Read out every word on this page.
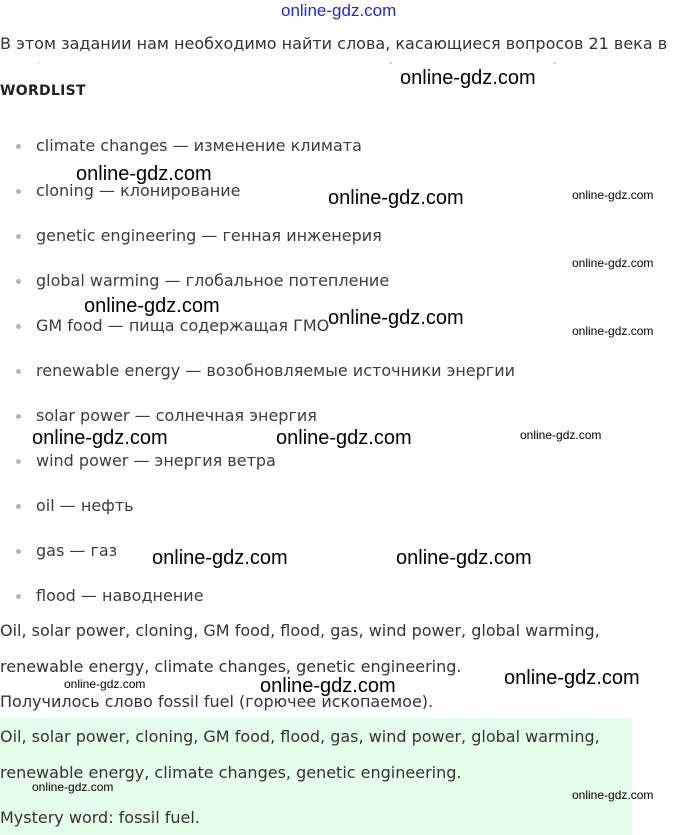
online-gdz.com
В этом задании нам необходимо найти слова, касающиеся вопросов 21 века в
˙	˘	˘
WORDLIST
climate changes — изменение климата
cloning — клонирование
genetic engineering — генная инженерия
global warming — глобальное потепление
GM food — пища содержащая ГМО
renewable energy — возобновляемые источники энергии
solar power — солнечная энергия
wind power — энергия ветра
oil — нефть
gas — газ
flood — наводнение
Oil, solar power, cloning, GM food, flood, gas, wind power, global warming,
renewable energy, climate changes, genetic engineering.
Получилось слово fossil fuel (горючее ископаемое).
Oil, solar power, cloning, GM food, flood, gas, wind power, global warming,
renewable energy, climate changes, genetic engineering.
Mystery word: fossil fuel.
online-gdz.com
online-gdz.com
online-gdz.com	online-gdz.com
online-gdz.com
online-gdz.com
online-gdz.com
online-gdz.com
online-gdz.com	online-gdz.com	online-gdz.com
online-gdz.com	online-gdz.com
online-gdz.com
online-gdz.com	online-gdz.com
online-gdz.com
online-gdz.com
